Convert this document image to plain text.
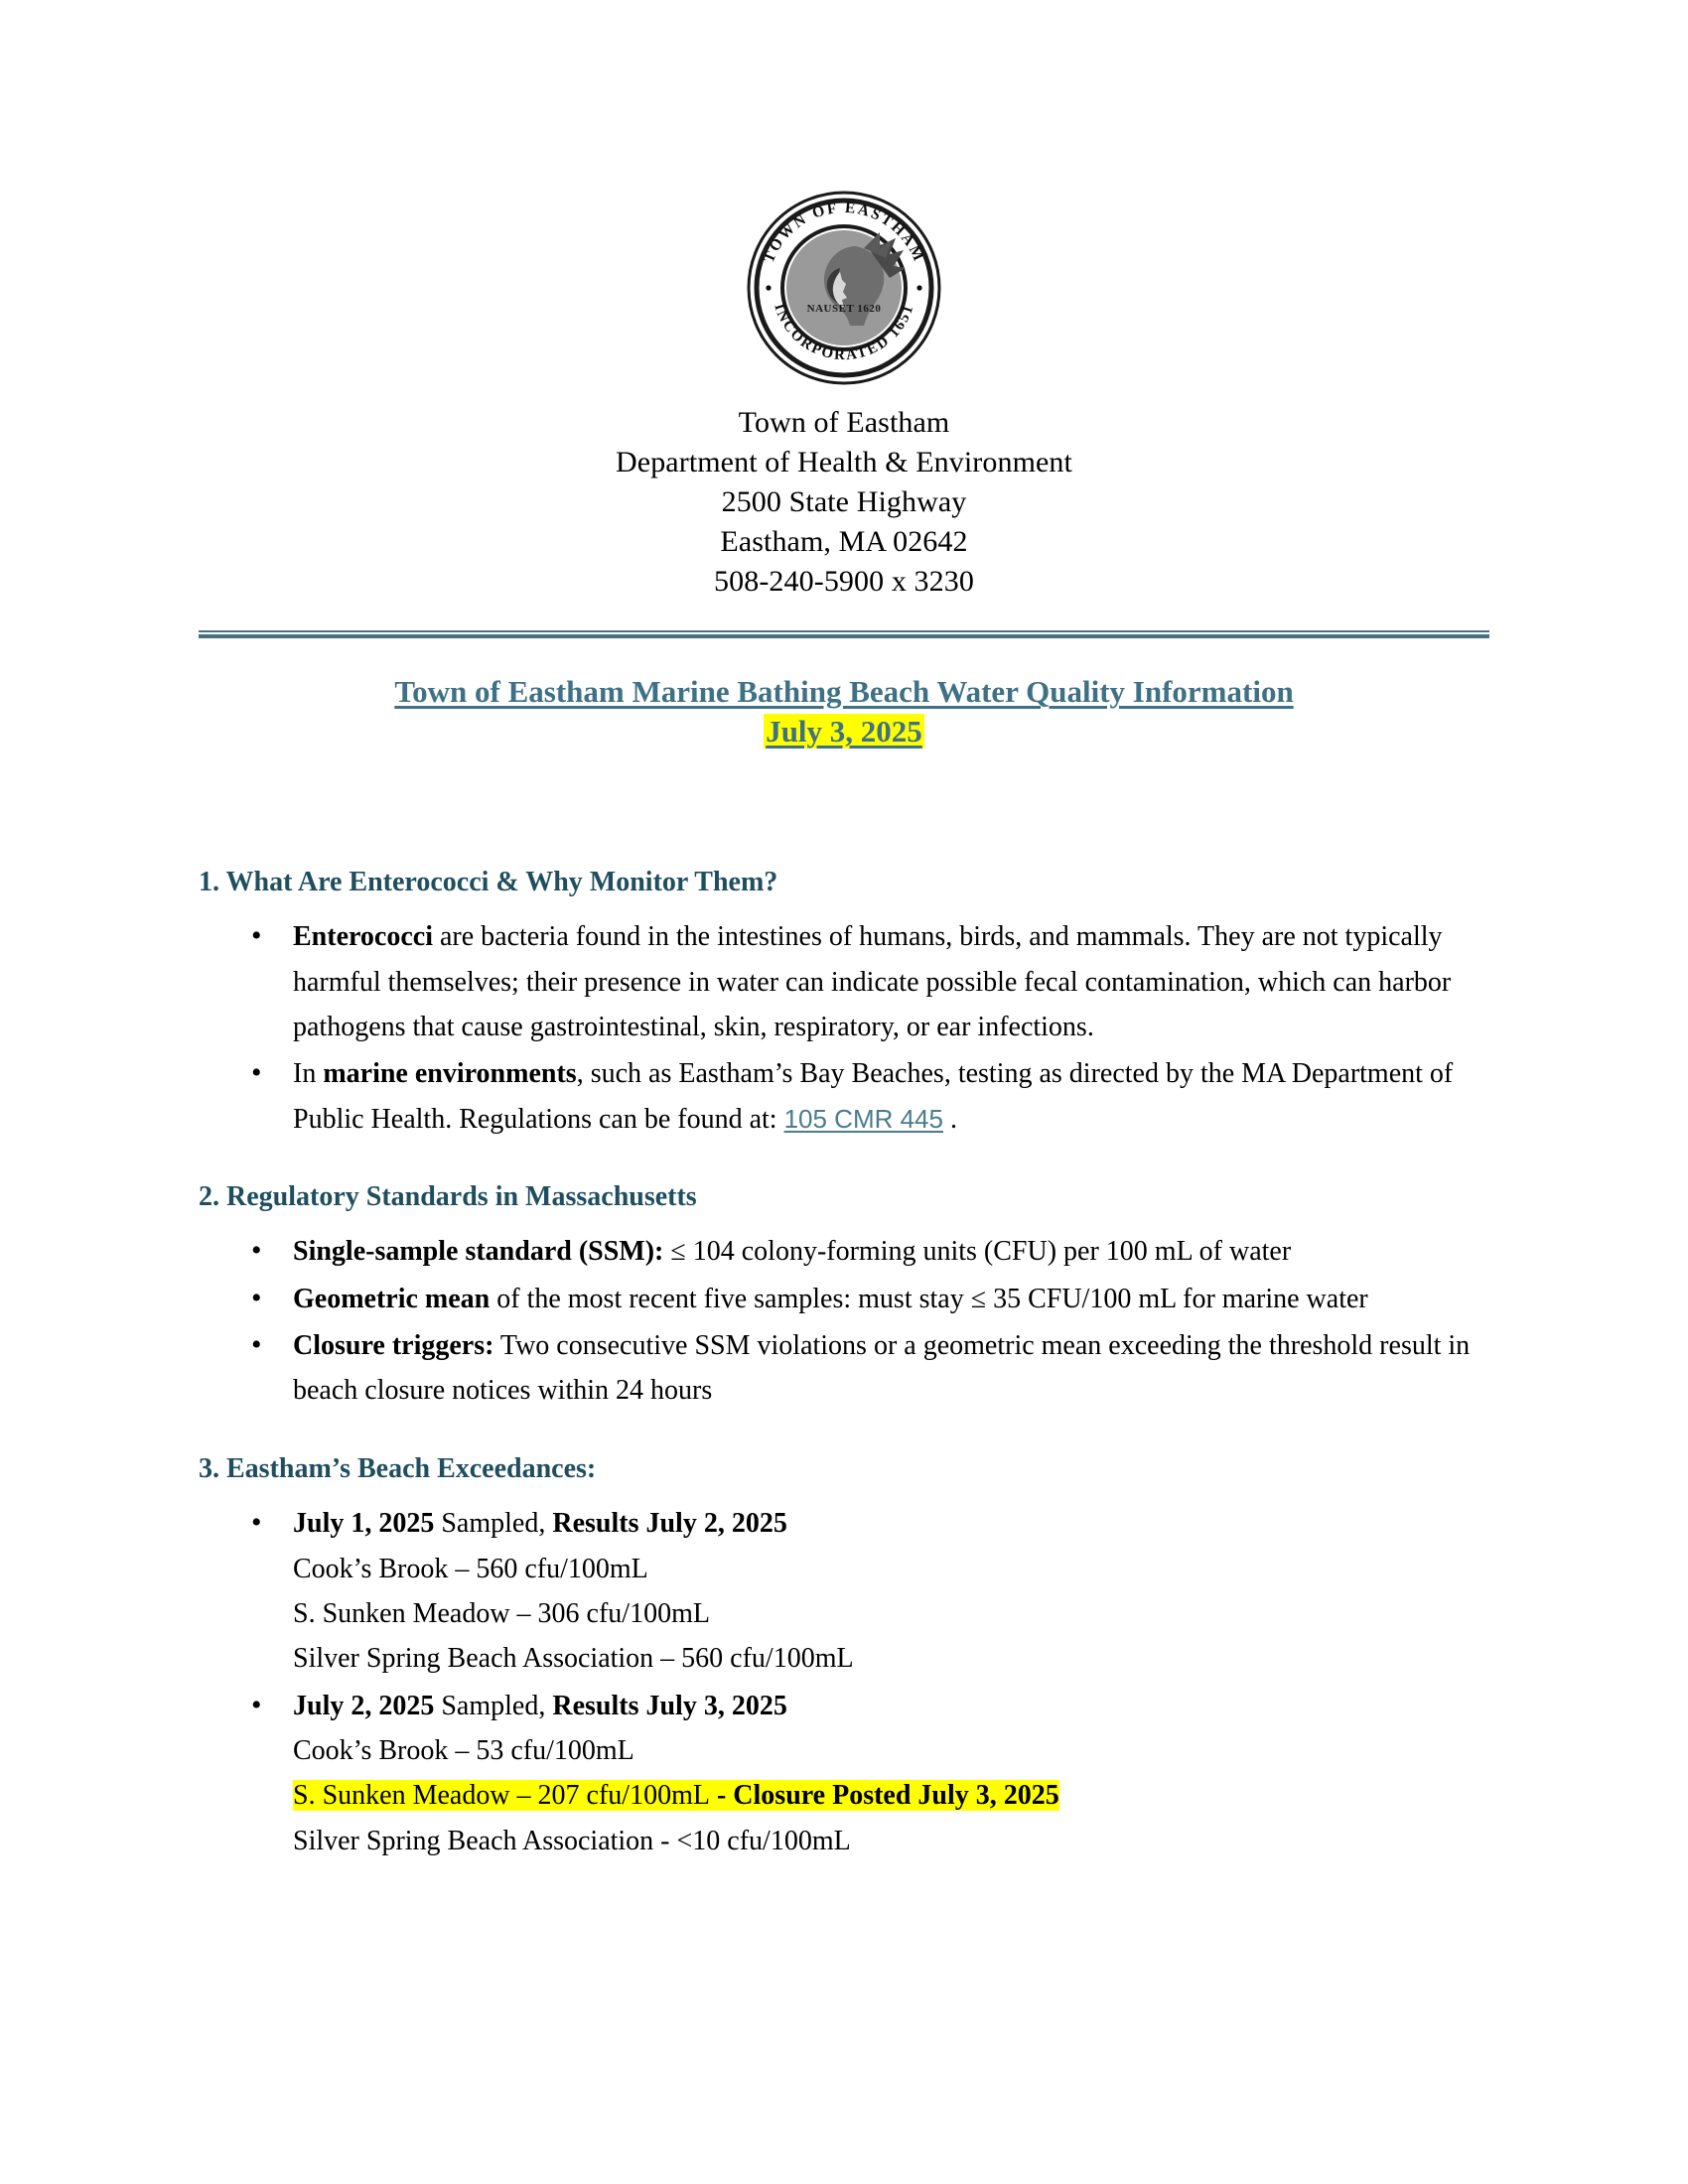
NAUSET 1620
TOWN OF EASTHAM
INCORPORATED 1651
Town of Eastham
Department of Health & Environment
2500 State Highway
Eastham, MA 02642
508-240-5900 x 3230
Town of Eastham Marine Bathing Beach Water Quality Information
July 3, 2025
1. What Are Enterococci & Why Monitor Them?
• Enterococci are bacteria found in the intestines of humans, birds, and mammals. They are not typically harmful themselves; their presence in water can indicate possible fecal contamination, which can harbor pathogens that cause gastrointestinal, skin, respiratory, or ear infections.
• In marine environments, such as Eastham’s Bay Beaches, testing as directed by the MA Department of Public Health. Regulations can be found at: 105 CMR 445 .
2. Regulatory Standards in Massachusetts
• Single-sample standard (SSM): ≤ 104 colony-forming units (CFU) per 100 mL of water
• Geometric mean of the most recent five samples: must stay ≤ 35 CFU/100 mL for marine water
• Closure triggers: Two consecutive SSM violations or a geometric mean exceeding the threshold result in beach closure notices within 24 hours
3. Eastham’s Beach Exceedances:
• July 1, 2025 Sampled, Results July 2, 2025
Cook’s Brook – 560 cfu/100mL
S. Sunken Meadow – 306 cfu/100mL
Silver Spring Beach Association – 560 cfu/100mL
• July 2, 2025 Sampled, Results July 3, 2025
Cook’s Brook – 53 cfu/100mL
S. Sunken Meadow – 207 cfu/100mL - Closure Posted July 3, 2025
Silver Spring Beach Association - <10 cfu/100mL
